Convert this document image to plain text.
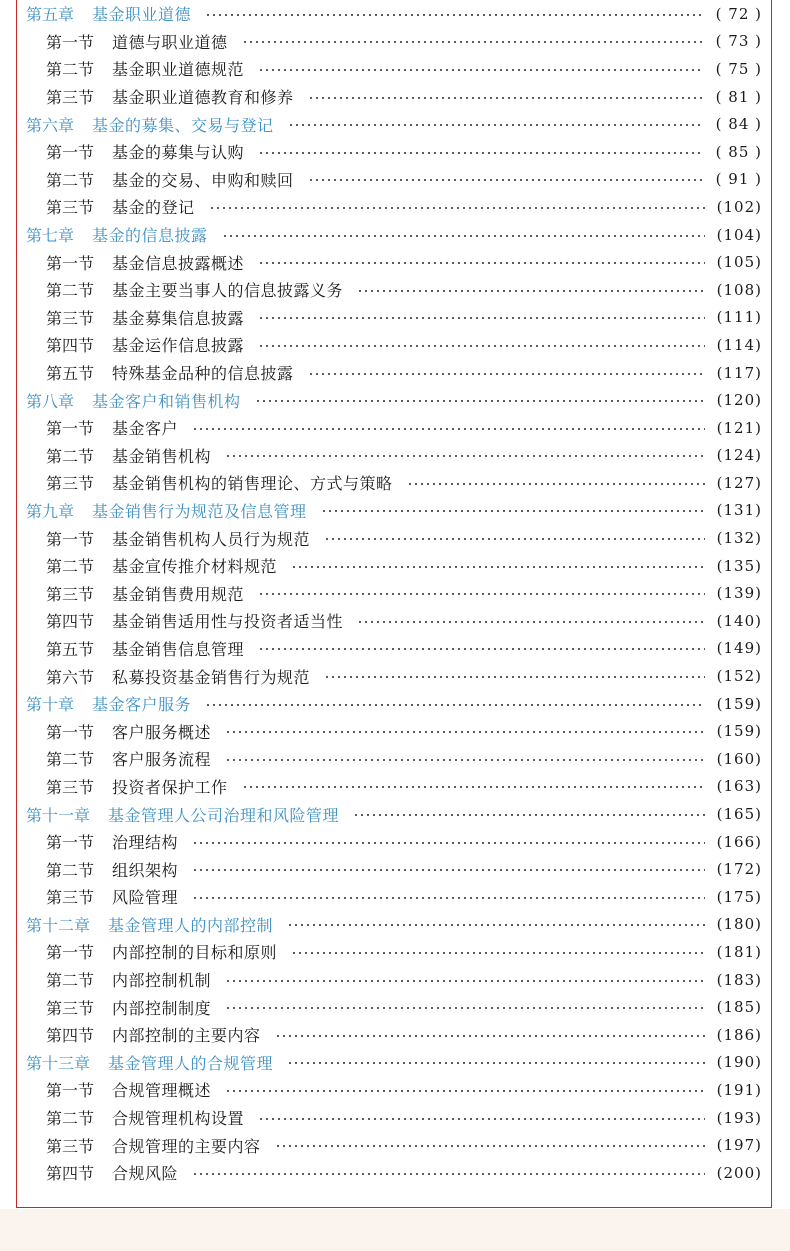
第五章 基金职业道德	( 72 )
第一节 道德与职业道德	( 73 )
第二节 基金职业道德规范	( 75 )
第三节 基金职业道德教育和修养	( 81 )
第六章 基金的募集、交易与登记	( 84 )
第一节 基金的募集与认购	( 85 )
第二节 基金的交易、申购和赎回	( 91 )
第三节 基金的登记	(102)
第七章 基金的信息披露	(104)
第一节 基金信息披露概述	(105)
第二节 基金主要当事人的信息披露义务	(108)
第三节 基金募集信息披露	(111)
第四节 基金运作信息披露	(114)
第五节 特殊基金品种的信息披露	(117)
第八章 基金客户和销售机构	(120)
第一节 基金客户	(121)
第二节 基金销售机构	(124)
第三节 基金销售机构的销售理论、方式与策略	(127)
第九章 基金销售行为规范及信息管理	(131)
第一节 基金销售机构人员行为规范	(132)
第二节 基金宣传推介材料规范	(135)
第三节 基金销售费用规范	(139)
第四节 基金销售适用性与投资者适当性	(140)
第五节 基金销售信息管理	(149)
第六节 私募投资基金销售行为规范	(152)
第十章 基金客户服务	(159)
第一节 客户服务概述	(159)
第二节 客户服务流程	(160)
第三节 投资者保护工作	(163)
第十一章 基金管理人公司治理和风险管理	(165)
第一节 治理结构	(166)
第二节 组织架构	(172)
第三节 风险管理	(175)
第十二章 基金管理人的内部控制	(180)
第一节 内部控制的目标和原则	(181)
第二节 内部控制机制	(183)
第三节 内部控制制度	(185)
第四节 内部控制的主要内容	(186)
第十三章 基金管理人的合规管理	(190)
第一节 合规管理概述	(191)
第二节 合规管理机构设置	(193)
第三节 合规管理的主要内容	(197)
第四节 合规风险	(200)
